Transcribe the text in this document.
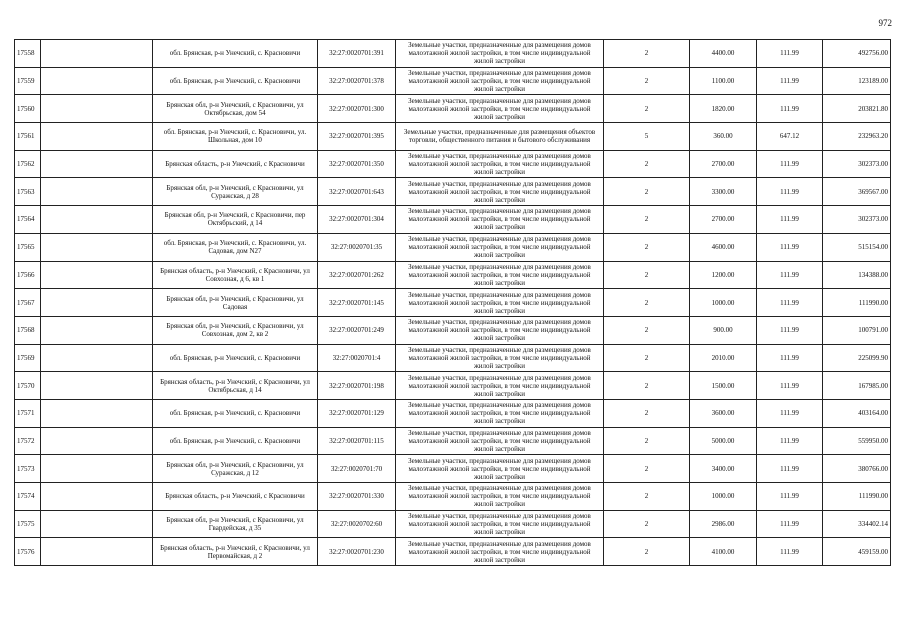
972
17558		обл. Брянская, р-н Унечский, с. Красновичи	32:27:0020701:391	Земельные участки, предназначенные для размещения домов малоэтажной жилой застройки, в том числе индивидуальной жилой застройки	2	4400.00	111.99	492756.00
17559		обл. Брянская, р-н Унечский, с. Красновичи	32:27:0020701:378	Земельные участки, предназначенные для размещения домов малоэтажной жилой застройки, в том числе индивидуальной жилой застройки	2	1100.00	111.99	123189.00
17560		Брянская обл, р-н Унечский, с Красновичи, ул Октябрьская, дом 54	32:27:0020701:300	Земельные участки, предназначенные для размещения домов малоэтажной жилой застройки, в том числе индивидуальной жилой застройки	2	1820.00	111.99	203821.80
17561		обл. Брянская, р-н Унечский, с. Красновичи, ул. Школьная, дом 10	32:27:0020701:395	Земельные участки, предназначенные для размещения объектов торговли, общественного питания и бытового обслуживания	5	360.00	647.12	232963.20
17562		Брянская область, р-н Унечский, с Красновичи	32:27:0020701:350	Земельные участки, предназначенные для размещения домов малоэтажной жилой застройки, в том числе индивидуальной жилой застройки	2	2700.00	111.99	302373.00
17563		Брянская обл, р-н Унечский, с Красновичи, ул Суражская, д 28	32:27:0020701:643	Земельные участки, предназначенные для размещения домов малоэтажной жилой застройки, в том числе индивидуальной жилой застройки	2	3300.00	111.99	369567.00
17564		Брянская обл, р-н Унечский, с Красновичи, пер Октябрьский, д 14	32:27:0020701:304	Земельные участки, предназначенные для размещения домов малоэтажной жилой застройки, в том числе индивидуальной жилой застройки	2	2700.00	111.99	302373.00
17565		обл. Брянская, р-н Унечский, с. Красновичи, ул. Садовая, дом N27	32:27:0020701:35	Земельные участки, предназначенные для размещения домов малоэтажной жилой застройки, в том числе индивидуальной жилой застройки	2	4600.00	111.99	515154.00
17566		Брянская область, р-н Унечский, с Красновичи, ул Совхозная, д 6, кв 1	32:27:0020701:262	Земельные участки, предназначенные для размещения домов малоэтажной жилой застройки, в том числе индивидуальной жилой застройки	2	1200.00	111.99	134388.00
17567		Брянская обл, р-н Унечский, с Красновичи, ул Садовая	32:27:0020701:145	Земельные участки, предназначенные для размещения домов малоэтажной жилой застройки, в том числе индивидуальной жилой застройки	2	1000.00	111.99	111990.00
17568		Брянская обл, р-н Унечский, с Красновичи, ул Совхозная, дом 2, кв 2	32:27:0020701:249	Земельные участки, предназначенные для размещения домов малоэтажной жилой застройки, в том числе индивидуальной жилой застройки	2	900.00	111.99	100791.00
17569		обл. Брянская, р-н Унечский, с. Красновичи	32:27:0020701:4	Земельные участки, предназначенные для размещения домов малоэтажной жилой застройки, в том числе индивидуальной жилой застройки	2	2010.00	111.99	225099.90
17570		Брянская область, р-н Унечский, с Красновичи, ул Октябрьская, д 14	32:27:0020701:198	Земельные участки, предназначенные для размещения домов малоэтажной жилой застройки, в том числе индивидуальной жилой застройки	2	1500.00	111.99	167985.00
17571		обл. Брянская, р-н Унечский, с. Красновичи	32:27:0020701:129	Земельные участки, предназначенные для размещения домов малоэтажной жилой застройки, в том числе индивидуальной жилой застройки	2	3600.00	111.99	403164.00
17572		обл. Брянская, р-н Унечский, с. Красновичи	32:27:0020701:115	Земельные участки, предназначенные для размещения домов малоэтажной жилой застройки, в том числе индивидуальной жилой застройки	2	5000.00	111.99	559950.00
17573		Брянская обл, р-н Унечский, с Красновичи, ул Суражская, д 12	32:27:0020701:70	Земельные участки, предназначенные для размещения домов малоэтажной жилой застройки, в том числе индивидуальной жилой застройки	2	3400.00	111.99	380766.00
17574		Брянская область, р-н Унечский, с Красновичи	32:27:0020701:330	Земельные участки, предназначенные для размещения домов малоэтажной жилой застройки, в том числе индивидуальной жилой застройки	2	1000.00	111.99	111990.00
17575		Брянская обл, р-н Унечский, с Красновичи, ул Гвардейская, д 35	32:27:0020702:60	Земельные участки, предназначенные для размещения домов малоэтажной жилой застройки, в том числе индивидуальной жилой застройки	2	2986.00	111.99	334402.14
17576		Брянская область, р-н Унечский, с Красновичи, ул Первомайская, д 2	32:27:0020701:230	Земельные участки, предназначенные для размещения домов малоэтажной жилой застройки, в том числе индивидуальной жилой застройки	2	4100.00	111.99	459159.00
